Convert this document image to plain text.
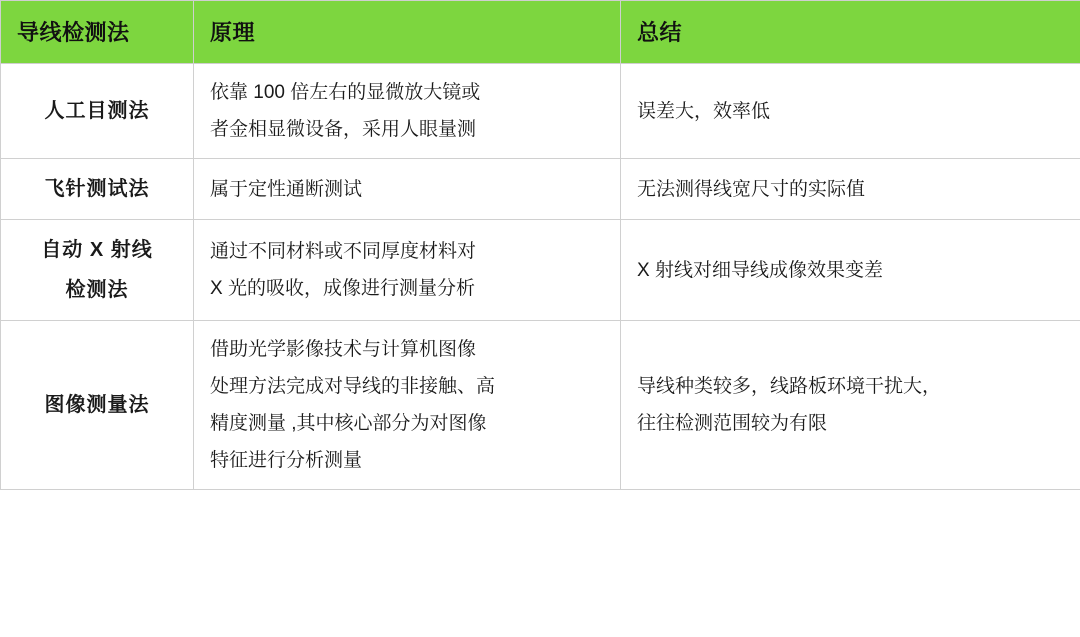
导线检测法	原理	总结
人工目测法	依靠 100 倍左右的显微放大镜或
者金相显微设备，采用人眼量测	误差大，效率低

飞针测试法	属于定性通断测试	无法测得线宽尺寸的实际值

自动 X 射线
检测法	通过不同材料或不同厚度材料对
X 光的吸收，成像进行测量分析	X 射线对细导线成像效果变差

图像测量法	借助光学影像技术与计算机图像
处理方法完成对导线的非接触、高
精度测量 ,其中核心部分为对图像
特征进行分析测量	导线种类较多，线路板环境干扰大，
往往检测范围较为有限
